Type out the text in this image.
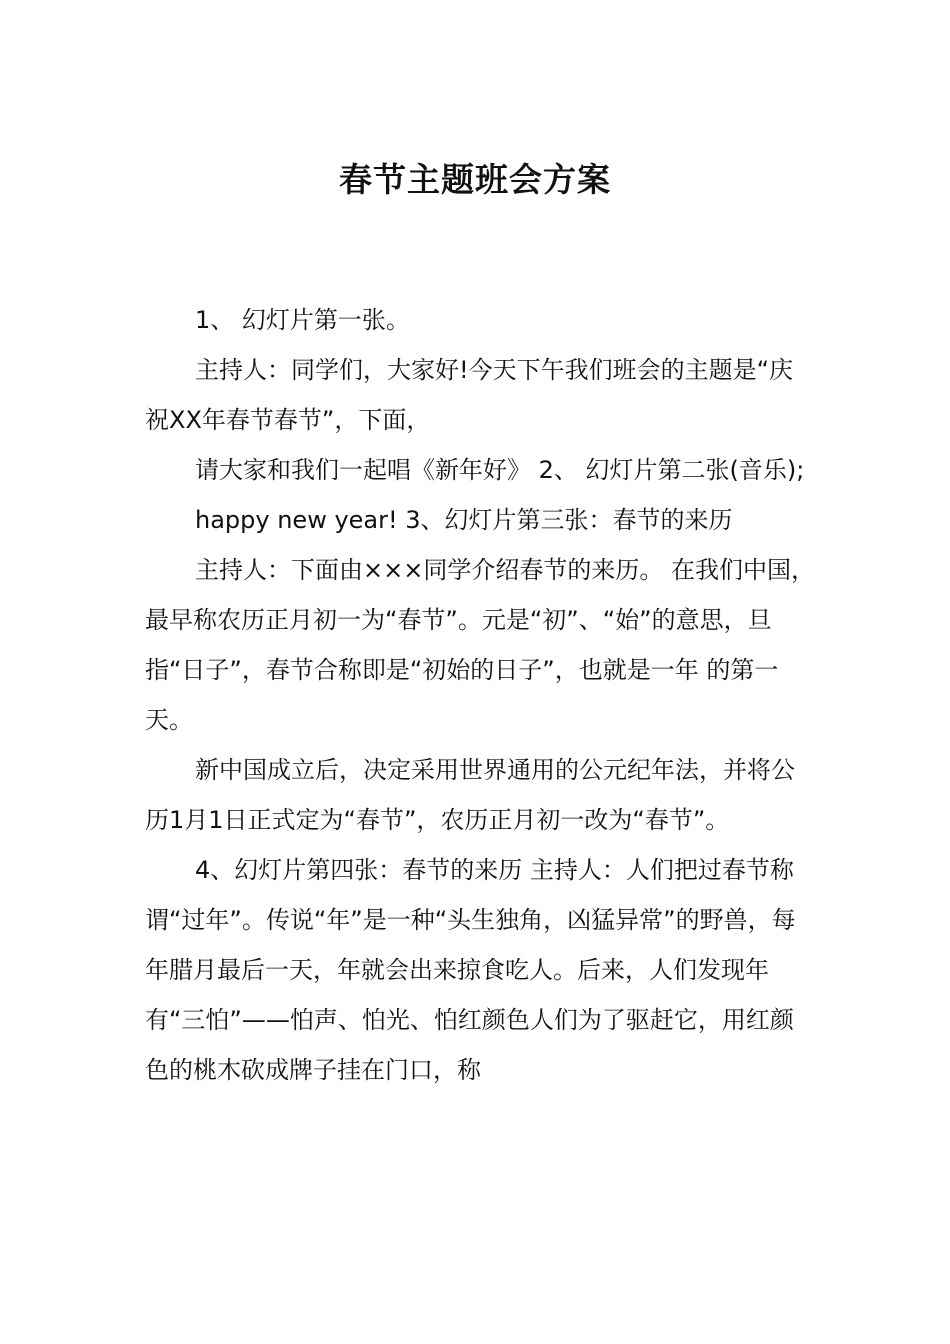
春节主题班会方案

1、 幻灯片第一张。

主持人：同学们，大家好!今天下午我们班会的主题是“庆祝XX年春节春节”，下面，

请大家和我们一起唱《新年好》 2、 幻灯片第二张(音乐);

happy new year! 3、幻灯片第三张：春节的来历

主持人：下面由×××同学介绍春节的来历。 在我们中国，最早称农历正月初一为“春节”。元是“初”、“始”的意思，旦指“日子”，春节合称即是“初始的日子”，也就是一年 的第一天。

新中国成立后，决定采用世界通用的公元纪年法，并将公历1月1日正式定为“春节”，农历正月初一改为“春节”。

4、幻灯片第四张：春节的来历 主持人：人们把过春节称谓“过年”。传说“年”是一种“头生独角，凶猛异常”的野兽，每年腊月最后一天，年就会出来掠食吃人。后来，人们发现年有“三怕”——怕声、怕光、怕红颜色人们为了驱赶它，用红颜色的桃木砍成牌子挂在门口，称
